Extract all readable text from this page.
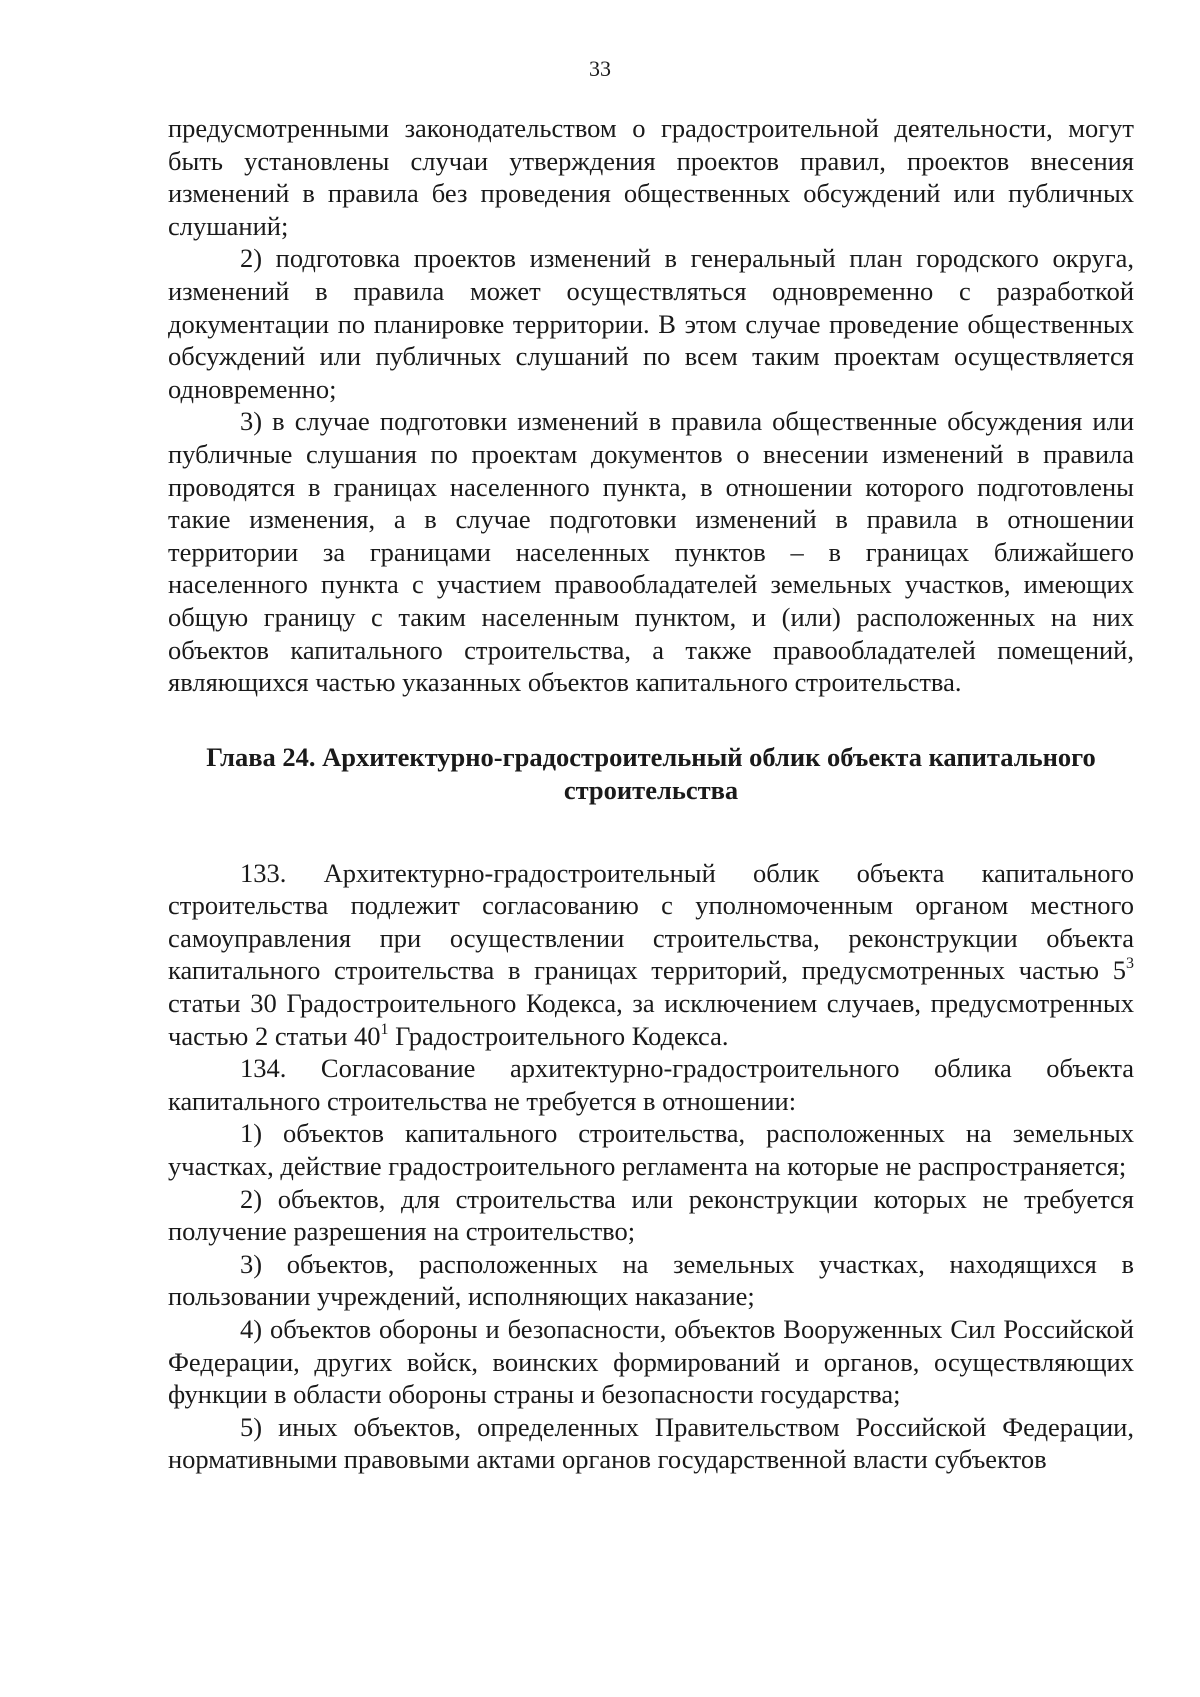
33

предусмотренными законодательством о градостроительной деятельности, могут быть установлены случаи утверждения проектов правил, проектов внесения изменений в правила без проведения общественных обсуждений или публичных слушаний;

2) подготовка проектов изменений в генеральный план городского округа, изменений в правила может осуществляться одновременно с разработкой документации по планировке территории. В этом случае проведение общественных обсуждений или публичных слушаний по всем таким проектам осуществляется одновременно;

3) в случае подготовки изменений в правила общественные обсуждения или публичные слушания по проектам документов о внесении изменений в правила проводятся в границах населенного пункта, в отношении которого подготовлены такие изменения, а в случае подготовки изменений в правила в отношении территории за границами населенных пунктов – в границах ближайшего населенного пункта с участием правообладателей земельных участков, имеющих общую границу с таким населенным пунктом, и (или) расположенных на них объектов капитального строительства, а также правообладателей помещений, являющихся частью указанных объектов капитального строительства.

Глава 24. Архитектурно-градостроительный облик объекта капитального строительства

133. Архитектурно-градостроительный облик объекта капитального строительства подлежит согласованию с уполномоченным органом местного самоуправления при осуществлении строительства, реконструкции объекта капитального строительства в границах территорий, предусмотренных частью $5^3$ статьи 30 Градостроительного Кодекса, за исключением случаев, предусмотренных частью 2 статьи $40^1$ Градостроительного Кодекса.

134. Согласование архитектурно-градостроительного облика объекта капитального строительства не требуется в отношении:

1) объектов капитального строительства, расположенных на земельных участках, действие градостроительного регламента на которые не распространяется;

2) объектов, для строительства или реконструкции которых не требуется получение разрешения на строительство;

3) объектов, расположенных на земельных участках, находящихся в пользовании учреждений, исполняющих наказание;

4) объектов обороны и безопасности, объектов Вооруженных Сил Российской Федерации, других войск, воинских формирований и органов, осуществляющих функции в области обороны страны и безопасности государства;

5) иных объектов, определенных Правительством Российской Федерации, нормативными правовыми актами органов государственной власти субъектов
